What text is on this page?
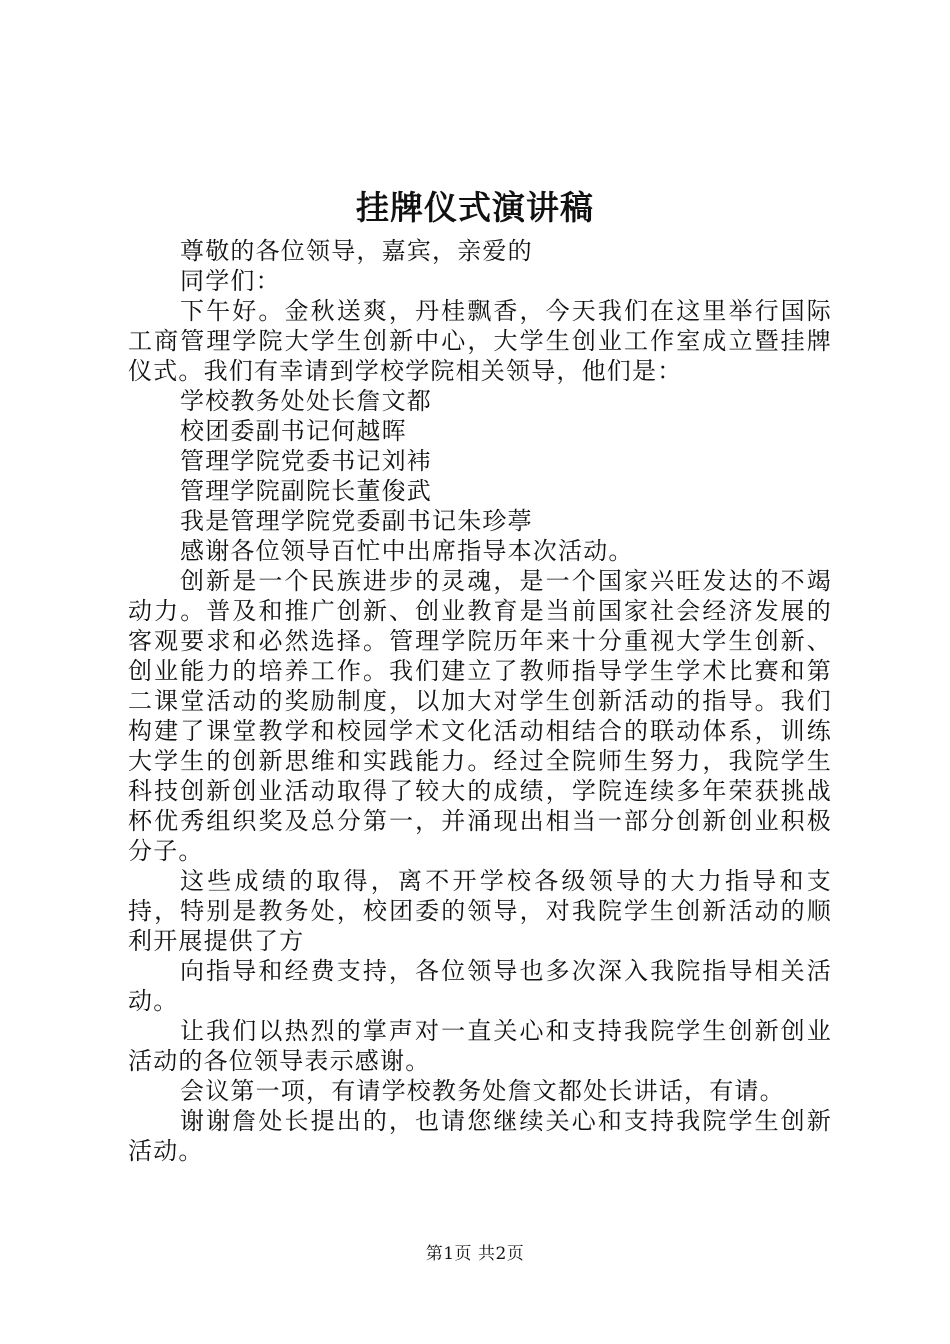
挂牌仪式演讲稿

尊敬的各位领导，嘉宾，亲爱的

同学们：

下午好。金秋送爽，丹桂飘香，今天我们在这里举行国际工商管理学院大学生创新中心，大学生创业工作室成立暨挂牌仪式。我们有幸请到学校学院相关领导，他们是：

学校教务处处长詹文都

校团委副书记何越晖

管理学院党委书记刘袆

管理学院副院长董俊武

我是管理学院党委副书记朱珍葶

感谢各位领导百忙中出席指导本次活动。

创新是一个民族进步的灵魂，是一个国家兴旺发达的不竭动力。普及和推广创新、创业教育是当前国家社会经济发展的客观要求和必然选择。管理学院历年来十分重视大学生创新、创业能力的培养工作。我们建立了教师指导学生学术比赛和第二课堂活动的奖励制度，以加大对学生创新活动的指导。我们构建了课堂教学和校园学术文化活动相结合的联动体系，训练大学生的创新思维和实践能力。经过全院师生努力，我院学生科技创新创业活动取得了较大的成绩，学院连续多年荣获挑战杯优秀组织奖及总分第一，并涌现出相当一部分创新创业积极分子。

这些成绩的取得，离不开学校各级领导的大力指导和支持，特别是教务处，校团委的领导，对我院学生创新活动的顺利开展提供了方

向指导和经费支持，各位领导也多次深入我院指导相关活动。

让我们以热烈的掌声对一直关心和支持我院学生创新创业活动的各位领导表示感谢。

会议第一项，有请学校教务处詹文都处长讲话，有请。

谢谢詹处长提出的，也请您继续关心和支持我院学生创新活动。

第1页 共2页
